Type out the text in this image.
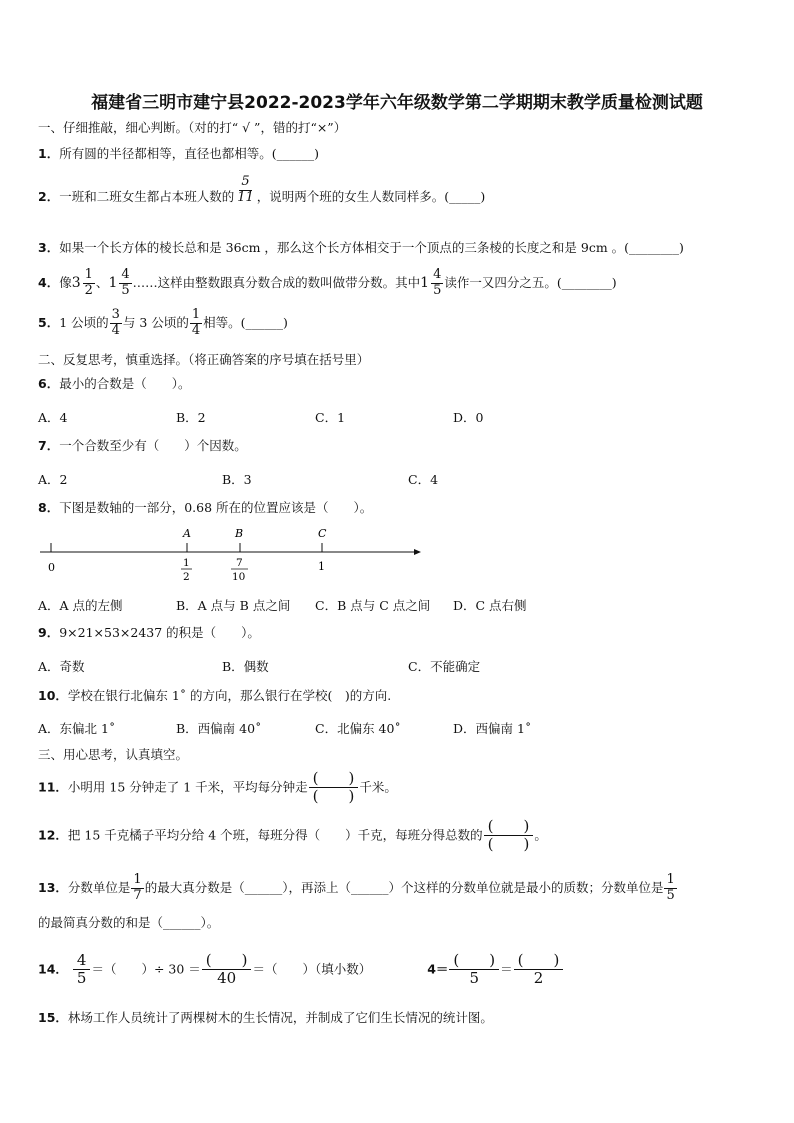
福建省三明市建宁县2022-2023学年六年级数学第二学期期末教学质量检测试题
一、仔细推敲，细心判断。（对的打“ √ ”，错的打“×”）
1．所有圆的半径都相等，直径也都相等。(______)
2．一班和二班女生都占本班人数的 $\frac{5}{11}$ ，说明两个班的女生人数同样多。(_____)
3．如果一个长方体的棱长总和是 36cm ，那么这个长方体相交于一个顶点的三条棱的长度之和是 9cm 。(________)
4．像 $3 \frac{1}{2}$ 、 $1 \frac{4}{5}$ ……这样由整数跟真分数合成的数叫做带分数。其中 $1 \frac{4}{5}$ 读作一又四分之五。(________)
5．1 公顷的 $\frac{3}{4}$ 与 3 公顷的 $\frac{1}{4}$ 相等。(______)
二、反复思考，慎重选择。（将正确答案的序号填在括号里）
6．最小的合数是（　　）。
A．4	B．2	C．1	D．0
7．一个合数至少有（　　）个因数。
A．2	B．3	C．4
8．下图是数轴的一部分，0.68 所在的位置应该是（　　）。
A	B	C
0	1
2
7
10
1
A．A 点的左侧	B．A 点与 B 点之间 C．B 点与 C 点之间 D．C 点右侧
9．9×21×53×2437 的积是（　　）。
A．奇数	B．偶数	C．不能确定
10．学校在银行北偏东 1˚ 的方向，那么银行在学校(　)的方向.
A．东偏北 1˚	B．西偏南 40˚	C．北偏东 40˚	D．西偏南 1˚
三、用心思考，认真填空。
11．小明用 15 分钟走了 1 千米，平均每分钟走 $\frac{( )}{( )}$ 千米。
12．把 15 千克橘子平均分给 4 个班，每班分得（　　）千克，每班分得总数的 $\frac{( )}{( )}$ 。
13．分数单位是 $\frac{1}{7}$ 的最大真分数是（______），再添上（______）个这样的分数单位就是最小的质数；分数单位是 $\frac{1}{5}$
的最简真分数的和是（______）。
14． $\frac{4}{5}$ ＝（　　）÷ $30 = \frac{( )}{40}$ ＝（　　）（填小数）	$4= \frac{( )}{5} = \frac{( )}{2}$
15．林场工作人员统计了两棵树木的生长情况，并制成了它们生长情况的统计图。
